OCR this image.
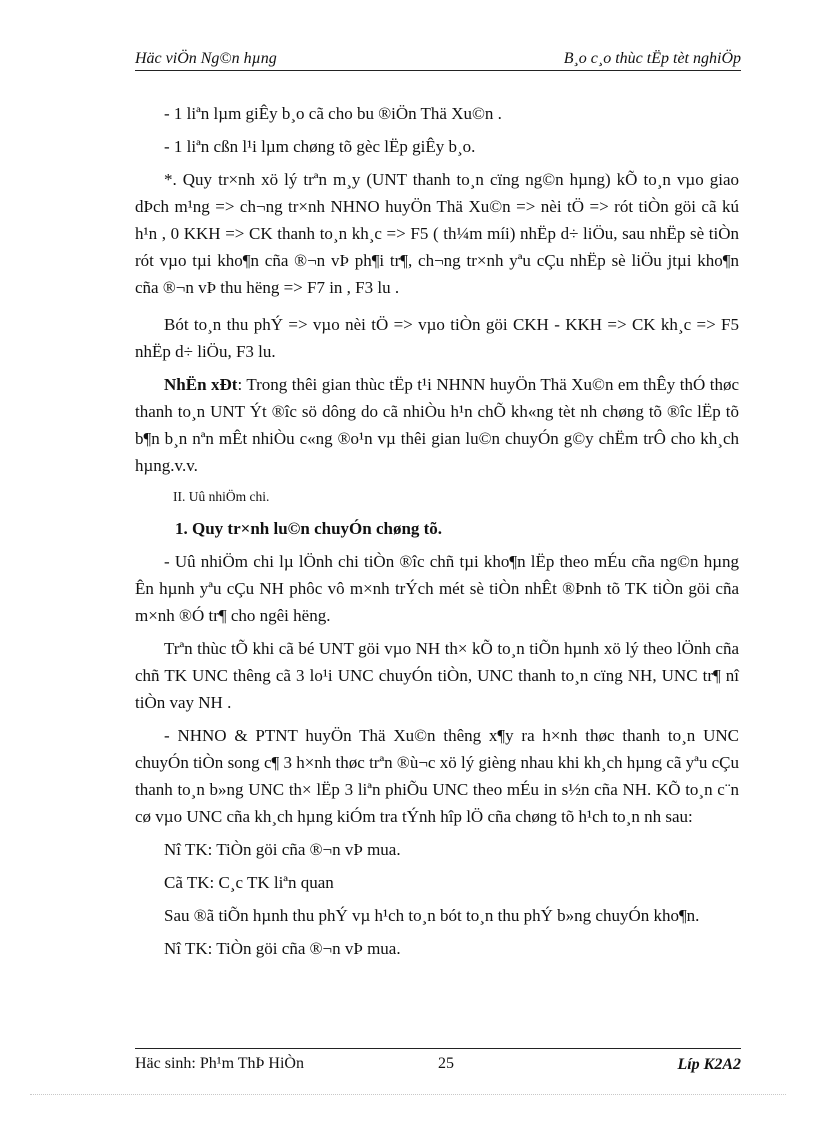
Häc viÖn Ng©n hµng	B¸o c¸o thùc tËp tèt nghiÖp

- 1 liªn lµm giÊy b¸o cã cho bu ®iÖn Thä Xu©n .

- 1 liªn cßn l¹i lµm chøng tõ gèc lËp giÊy b¸o.

*. Quy tr×nh xö lý trªn m¸y (UNT thanh to¸n cïng ng©n hµng) kÕ to¸n vµo giao dÞch m¹ng => ch¬ng tr×nh NHNO huyÖn Thä Xu©n => nèi tÖ => rót tiÒn göi cã kú h¹n , 0 KKH => CK thanh to¸n kh¸c => F5 ( th¼m míi) nhËp d÷ liÖu, sau nhËp sè tiÒn rót vµo tµi kho¶n cña ®¬n vÞ ph¶i tr¶, ch¬ng tr×nh yªu cÇu nhËp sè liÖu jtµi kho¶n cña ®¬n vÞ thu hëng => F7 in , F3 lu .

Bót to¸n thu phÝ => vµo nèi tÖ => vµo tiÒn göi CKH - KKH => CK kh¸c => F5 nhËp d÷ liÖu, F3 lu.

NhËn xÐt: Trong thêi gian thùc tËp t¹i NHNN huyÖn Thä Xu©n em thÊy thÓ thøc thanh to¸n UNT Ýt ®îc sö dông do cã nhiÒu h¹n chÕ kh«ng tèt nh chøng tõ ®îc lËp tõ b¶n b¸n nªn mÊt nhiÒu c«ng ®o¹n vµ thêi gian lu©n chuyÓn g©y chËm trÔ cho kh¸ch hµng.v.v.

II. Uû nhiÖm chi.

1. Quy tr×nh lu©n chuyÓn chøng tõ.

- Uû nhiÖm chi lµ lÖnh chi tiÒn ®îc chñ tµi kho¶n lËp theo mÉu cña ng©n hµng Ên hµnh yªu cÇu NH phôc vô m×nh trÝch mét sè tiÒn nhÊt ®Þnh tõ TK tiÒn göi cña m×nh ®Ó tr¶ cho ngêi hëng.

Trªn thùc tÕ khi cã bé UNT göi vµo NH th× kÕ to¸n tiÕn hµnh xö lý theo lÖnh cña chñ TK UNC thêng cã 3 lo¹i UNC chuyÓn tiÒn, UNC thanh to¸n cïng NH, UNC tr¶ nî tiÒn vay NH .

- NHNO & PTNT huyÖn Thä Xu©n thêng x¶y ra h×nh thøc thanh to¸n UNC chuyÓn tiÒn song c¶ 3 h×nh thøc trªn ®ù¬c xö lý gièng nhau khi kh¸ch hµng cã yªu cÇu thanh to¸n b»ng UNC th× lËp 3 liªn phiÕu UNC theo mÉu in s½n cña NH. KÕ to¸n c¨n cø vµo UNC cña kh¸ch hµng kiÓm tra tÝnh hîp lÖ cña chøng tõ h¹ch to¸n nh sau:

Nî TK: TiÒn göi cña ®¬n vÞ mua.

Cã TK: C¸c TK liªn quan

Sau ®ã tiÕn hµnh thu phÝ vµ h¹ch to¸n bót to¸n thu phÝ b»ng chuyÓn kho¶n.

Nî TK: TiÒn göi cña ®¬n vÞ mua.

Häc sinh: Ph¹m ThÞ HiÒn	25	Líp K2A2
